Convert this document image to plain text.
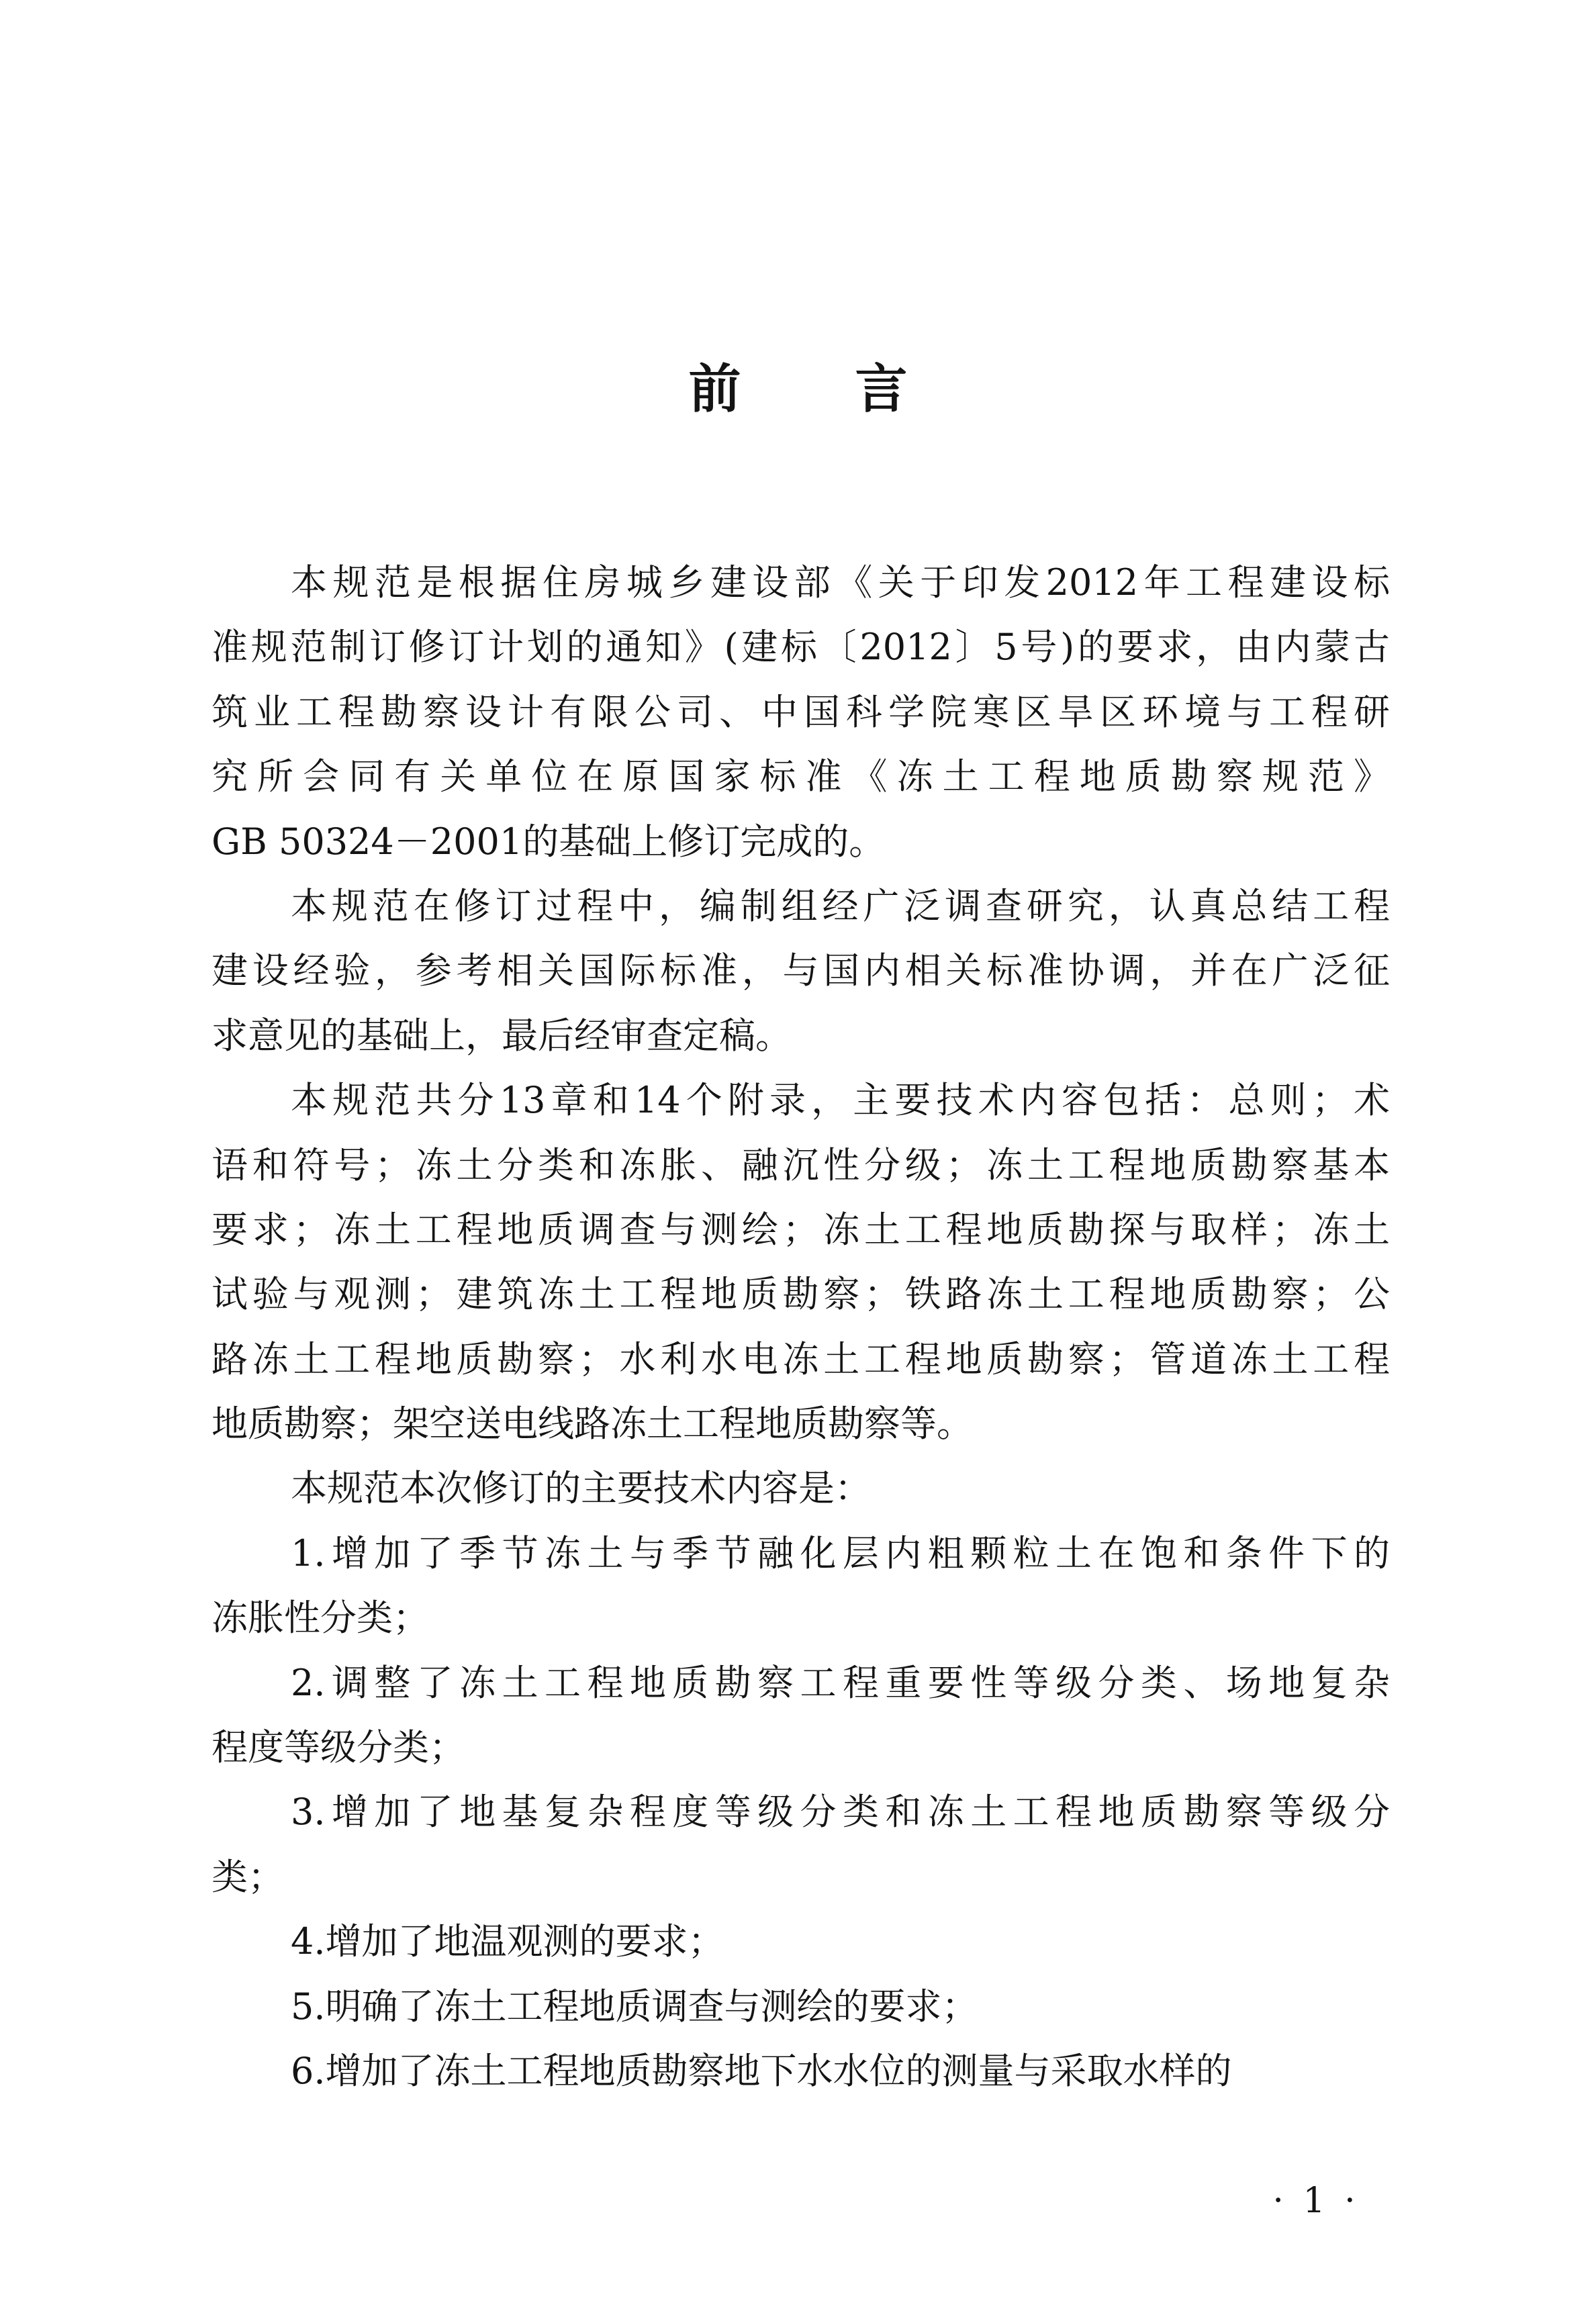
前 言
本规范是根据住房城乡建设部《关于印发2012年工程建设标
准规范制订修订计划的通知》(建标〔2012〕5号)的要求，由内蒙古
筑业工程勘察设计有限公司、中国科学院寒区旱区环境与工程研
究所会同有关单位在原国家标准《冻土工程地质勘察规范》
GB 50324－2001的基础上修订完成的。
本规范在修订过程中，编制组经广泛调查研究，认真总结工程
建设经验，参考相关国际标准，与国内相关标准协调，并在广泛征
求意见的基础上，最后经审查定稿。
本规范共分13章和14个附录，主要技术内容包括：总则；术
语和符号；冻土分类和冻胀、融沉性分级；冻土工程地质勘察基本
要求；冻土工程地质调查与测绘；冻土工程地质勘探与取样；冻土
试验与观测；建筑冻土工程地质勘察；铁路冻土工程地质勘察；公
路冻土工程地质勘察；水利水电冻土工程地质勘察；管道冻土工程
地质勘察；架空送电线路冻土工程地质勘察等。
本规范本次修订的主要技术内容是：
1.增加了季节冻土与季节融化层内粗颗粒土在饱和条件下的
冻胀性分类；
2.调整了冻土工程地质勘察工程重要性等级分类、场地复杂
程度等级分类；
3.增加了地基复杂程度等级分类和冻土工程地质勘察等级分
类；
4.增加了地温观测的要求；
5.明确了冻土工程地质调查与测绘的要求；
6.增加了冻土工程地质勘察地下水水位的测量与采取水样的

· 1 ·
